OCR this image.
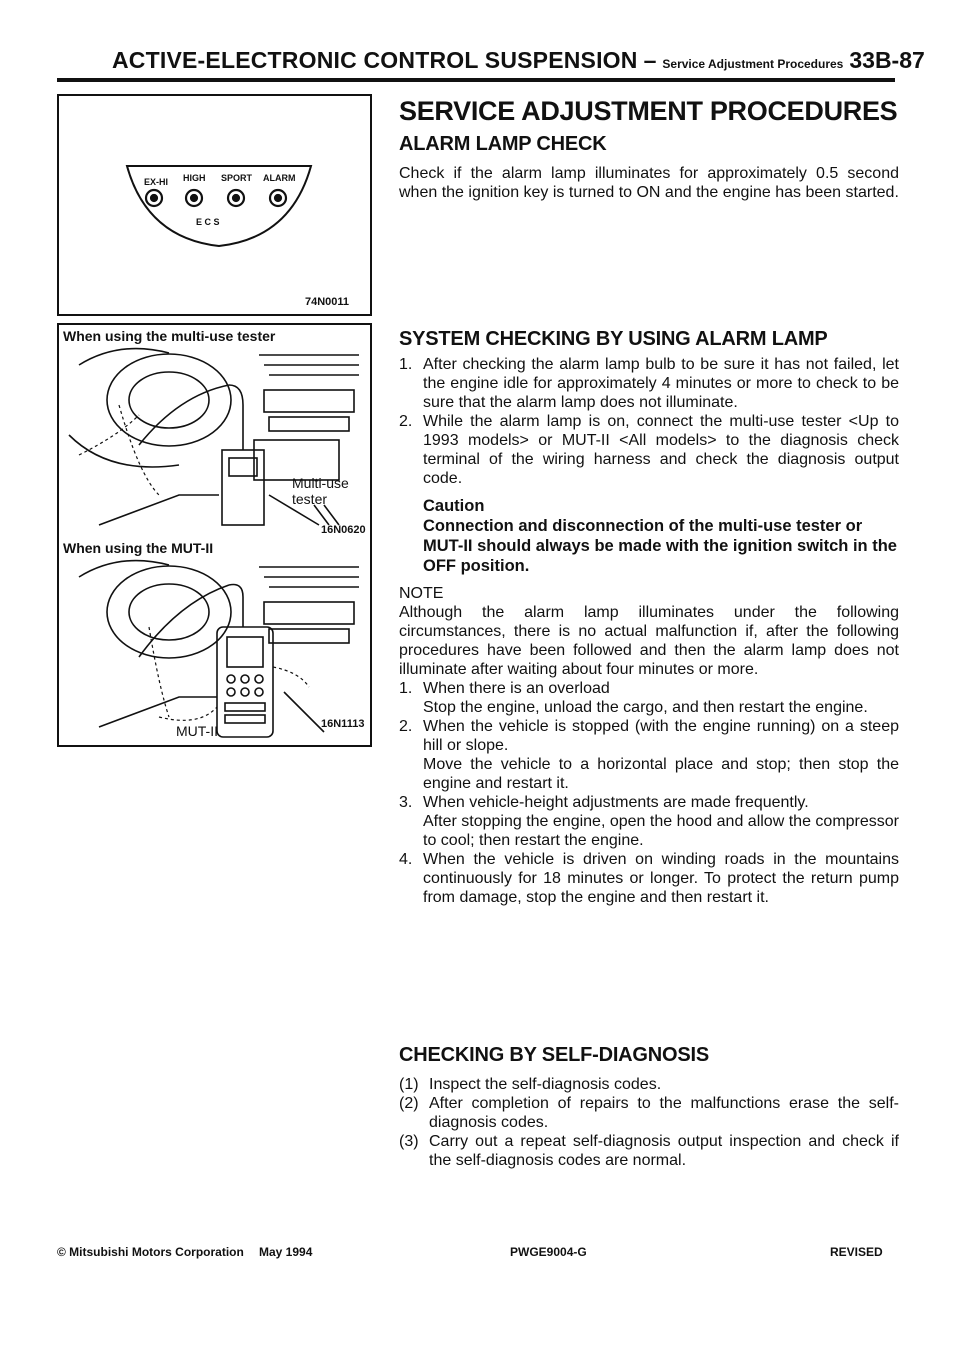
ACTIVE-ELECTRONIC CONTROL SUSPENSION – Service Adjustment Procedures 33B-87
EX-HI HIGH SPORT ALARM
E C S
74N0011
When using the multi-use tester
Multi-use tester
16N0620
When using the MUT-II
MUT-II	16N1113
SERVICE ADJUSTMENT PROCEDURES
ALARM LAMP CHECK
Check if the alarm lamp illuminates for approximately 0.5 second when the ignition key is turned to ON and the engine has been started.
SYSTEM CHECKING BY USING ALARM LAMP
1. After checking the alarm lamp bulb to be sure it has not failed, let the engine idle for approximately 4 minutes or more to check to be sure that the alarm lamp does not illuminate.
2. While the alarm lamp is on, connect the multi-use tester <Up to 1993 models> or MUT-II <All models> to the diagnosis check terminal of the wiring harness and check the diagnosis output code.
Caution
Connection and disconnection of the multi-use tester or MUT-II should always be made with the ignition switch in the OFF position.
NOTE
Although the alarm lamp illuminates under the following circumstances, there is no actual malfunction if, after the following procedures have been followed and then the alarm lamp does not illuminate after waiting about four minutes or more.
1. When there is an overload
Stop the engine, unload the cargo, and then restart the engine.
2. When the vehicle is stopped (with the engine running) on a steep hill or slope.
Move the vehicle to a horizontal place and stop; then stop the engine and restart it.
3. When vehicle-height adjustments are made frequently.
After stopping the engine, open the hood and allow the compressor to cool; then restart the engine.
4. When the vehicle is driven on winding roads in the mountains continuously for 18 minutes or longer. To protect the return pump from damage, stop the engine and then restart it.
CHECKING BY SELF-DIAGNOSIS
(1) Inspect the self-diagnosis codes.
(2) After completion of repairs to the malfunctions erase the self-diagnosis codes.
(3) Carry out a repeat self-diagnosis output inspection and check if the self-diagnosis codes are normal.
© Mitsubishi Motors Corporation May 1994	PWGE9004-G	REVISED
